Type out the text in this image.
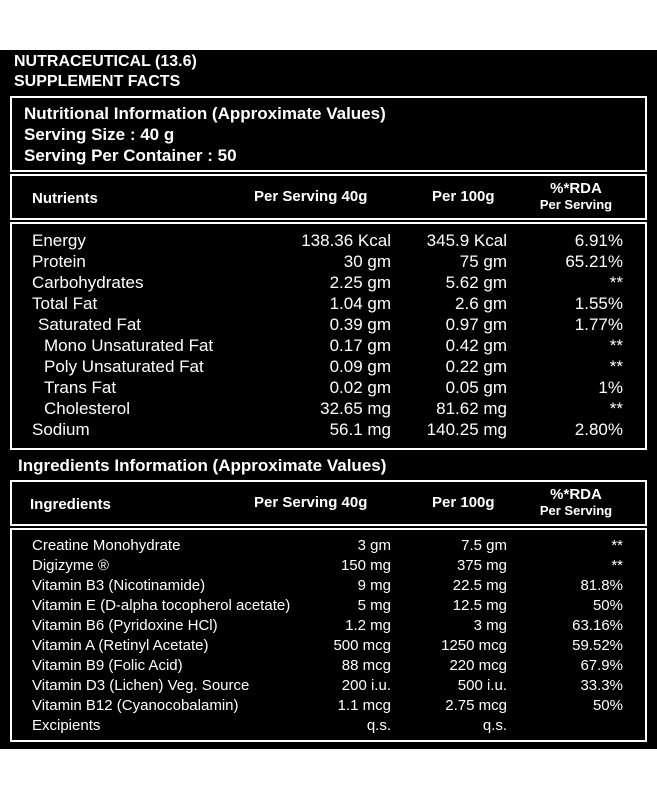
NUTRACEUTICAL (13.6)
SUPPLEMENT FACTS
Nutritional Information (Approximate Values)
Serving Size : 40 g
Serving Per Container : 50
Nutrients	Per Serving 40g	Per 100g	%*RDA
Per Serving
Energy	138.36 Kcal 345.9 Kcal	6.91%
Protein	30 gm	75 gm	65.21%
Carbohydrates	2.25 gm	5.62 gm	**
Total Fat	1.04 gm	2.6 gm	1.55%
Saturated Fat	0.39 gm	0.97 gm	1.77%
Mono Unsaturated Fat	0.17 gm	0.42 gm	**
Poly Unsaturated Fat	0.09 gm	0.22 gm	**
Trans Fat	0.02 gm	0.05 gm	1%
Cholesterol	32.65 mg	81.62 mg	**
Sodium	56.1 mg 140.25 mg	2.80%
Ingredients Information (Approximate Values)
Ingredients	Per Serving 40g	Per 100g	%*RDA
Per Serving
Creatine Monohydrate	3 gm	7.5 gm	**
Digizyme ®	150 mg	375 mg	**
Vitamin B3 (Nicotinamide)	9 mg	22.5 mg	81.8%
Vitamin E (D-alpha tocopherol acetate)	5 mg	12.5 mg	50%
Vitamin B6 (Pyridoxine HCl)	1.2 mg	3 mg	63.16%
Vitamin A (Retinyl Acetate)	500 mcg	1250 mcg	59.52%
Vitamin B9 (Folic Acid)	88 mcg	220 mcg	67.9%
Vitamin D3 (Lichen) Veg. Source	200 i.u.	500 i.u.	33.3%
Vitamin B12 (Cyanocobalamin)	1.1 mcg	2.75 mcg	50%
Excipients	q.s.	q.s.
